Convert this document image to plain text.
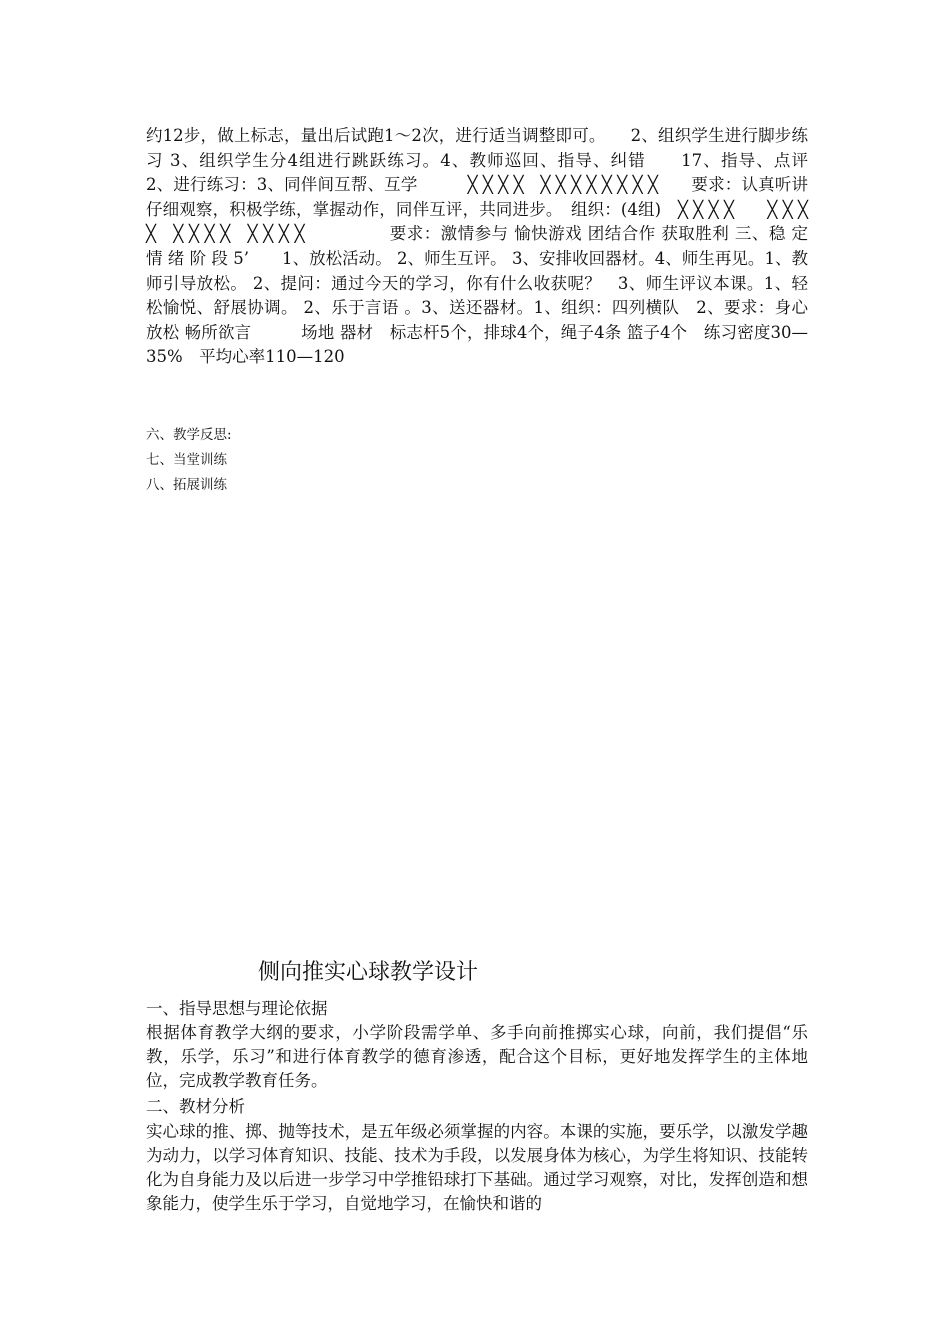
约12步，做上标志，量出后试跑1～2次，进行适当调整即可。　　2、组织学生进行脚步练习 3、组织学生分4组进行跳跃练习。4、教师巡回、指导、纠错　　17、指导、点评　2、进行练习：3、同伴间互帮、互学　　　╳ ╳ ╳ ╳　╳ ╳ ╳ ╳ ╳ ╳ ╳ ╳　　要求：认真听讲 仔细观察，积极学练，掌握动作，同伴互评，共同进步。　组织：(4组)　╳ ╳ ╳ ╳　　╳ ╳ ╳ ╳　╳ ╳ ╳ ╳　╳ ╳ ╳ ╳　　　　　要求：激情参与 愉快游戏 团结合作 获取胜利 三、稳 定 情 绪 阶 段 5’　　1、放松活动。 2、师生互评。 3、安排收回器材。4、师生再见。1、教师引导放松。 2、提问：通过今天的学习，你有什么收获呢？　3、师生评议本课。1、轻松愉悦、舒展协调。 2、乐于言语 。3、送还器材。1、组织：四列横队　2、要求：身心放松 畅所欲言　　　场地 器材　标志杆5个，排球4个，绳子4条 篮子4个　练习密度30—35%　平均心率110—120

六、教学反思:

七、当堂训练

八、拓展训练

侧向推实心球教学设计

一、指导思想与理论依据

根据体育教学大纲的要求，小学阶段需学单、多手向前推掷实心球，向前，我们提倡“乐教，乐学，乐习”和进行体育教学的德育渗透，配合这个目标，更好地发挥学生的主体地位，完成教学教育任务。

二、教材分析

实心球的推、掷、抛等技术，是五年级必须掌握的内容。本课的实施，要乐学，以激发学趣为动力，以学习体育知识、技能、技术为手段，以发展身体为核心，为学生将知识、技能转化为自身能力及以后进一步学习中学推铅球打下基础。通过学习观察，对比，发挥创造和想象能力，使学生乐于学习，自觉地学习，在愉快和谐的
